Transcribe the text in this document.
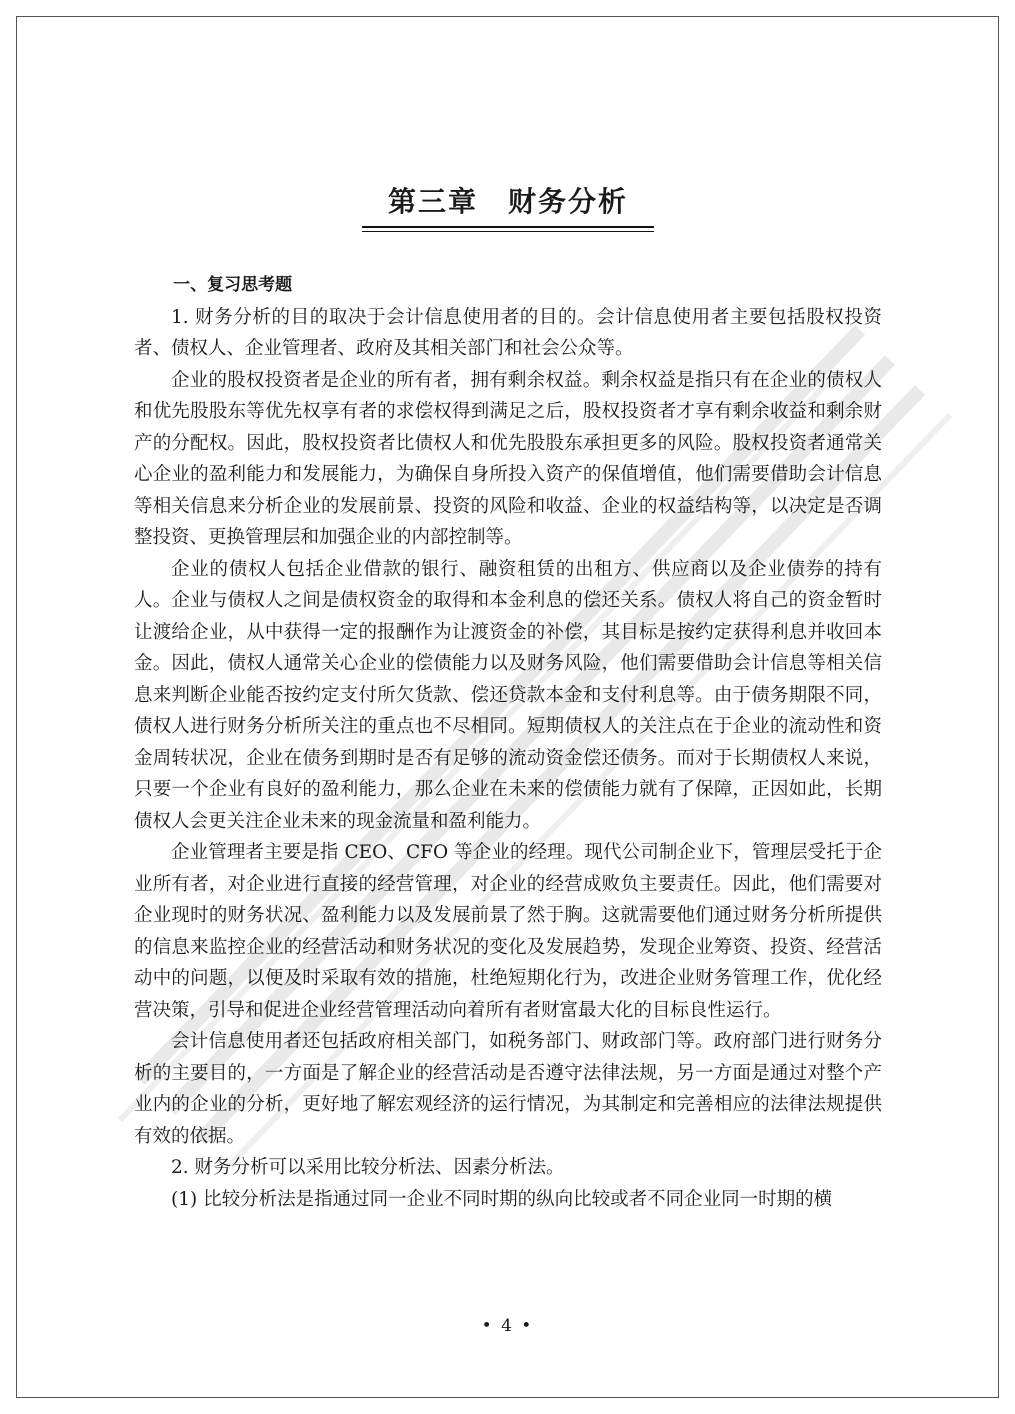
第三章　财务分析
一、复习思考题

1. 财务分析的目的取决于会计信息使用者的目的。会计信息使用者主要包括股权投资者、债权人、企业管理者、政府及其相关部门和社会公众等。

企业的股权投资者是企业的所有者，拥有剩余权益。剩余权益是指只有在企业的债权人和优先股股东等优先权享有者的求偿权得到满足之后，股权投资者才享有剩余收益和剩余财产的分配权。因此，股权投资者比债权人和优先股股东承担更多的风险。股权投资者通常关心企业的盈利能力和发展能力，为确保自身所投入资产的保值增值，他们需要借助会计信息等相关信息来分析企业的发展前景、投资的风险和收益、企业的权益结构等，以决定是否调整投资、更换管理层和加强企业的内部控制等。

企业的债权人包括企业借款的银行、融资租赁的出租方、供应商以及企业债券的持有人。企业与债权人之间是债权资金的取得和本金利息的偿还关系。债权人将自己的资金暂时让渡给企业，从中获得一定的报酬作为让渡资金的补偿，其目标是按约定获得利息并收回本金。因此，债权人通常关心企业的偿债能力以及财务风险，他们需要借助会计信息等相关信息来判断企业能否按约定支付所欠货款、偿还贷款本金和支付利息等。由于债务期限不同，债权人进行财务分析所关注的重点也不尽相同。短期债权人的关注点在于企业的流动性和资金周转状况，企业在债务到期时是否有足够的流动资金偿还债务。而对于长期债权人来说，只要一个企业有良好的盈利能力，那么企业在未来的偿债能力就有了保障，正因如此，长期债权人会更关注企业未来的现金流量和盈利能力。

企业管理者主要是指 CEO、CFO 等企业的经理。现代公司制企业下，管理层受托于企业所有者，对企业进行直接的经营管理，对企业的经营成败负主要责任。因此，他们需要对企业现时的财务状况、盈利能力以及发展前景了然于胸。这就需要他们通过财务分析所提供的信息来监控企业的经营活动和财务状况的变化及发展趋势，发现企业筹资、投资、经营活动中的问题，以便及时采取有效的措施，杜绝短期化行为，改进企业财务管理工作，优化经营决策，引导和促进企业经营管理活动向着所有者财富最大化的目标良性运行。

会计信息使用者还包括政府相关部门，如税务部门、财政部门等。政府部门进行财务分析的主要目的，一方面是了解企业的经营活动是否遵守法律法规，另一方面是通过对整个产业内的企业的分析，更好地了解宏观经济的运行情况，为其制定和完善相应的法律法规提供有效的依据。

2. 财务分析可以采用比较分析法、因素分析法。

(1) 比较分析法是指通过同一企业不同时期的纵向比较或者不同企业同一时期的横

• 4 •
